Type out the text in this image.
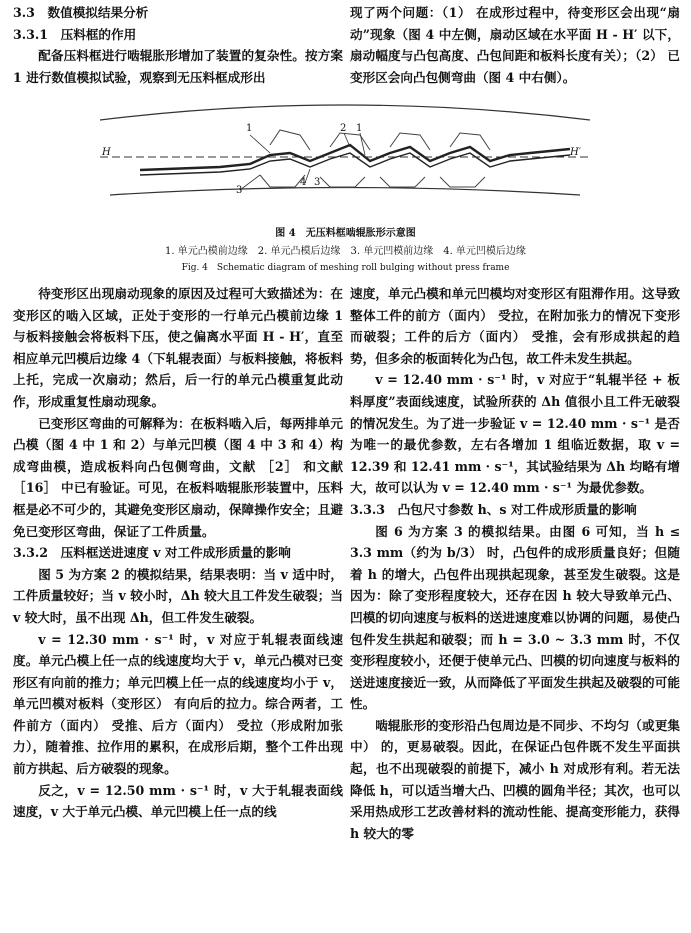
3.3　数值模拟结果分析
3.3.1　压料框的作用

配备压料框进行啮辊胀形增加了装置的复杂性。按方案 1 进行数值模拟试验，观察到无压料框成形出

现了两个问题：（1） 在成形过程中，待变形区会出现“扇动”现象（图 4 中左侧，扇动区域在水平面 H - H′ 以下，扇动幅度与凸包高度、凸包间距和板料长度有关）；（2） 已变形区会向凸包侧弯曲（图 4 中右侧）。

1	2 1
3
4 3
H	H′
图 4　无压料框啮辊胀形示意图
1. 单元凸模前边缘　2. 单元凸模后边缘　3. 单元凹模前边缘　4. 单元凹模后边缘
Fig. 4　Schematic diagram of meshing roll bulging without press frame

待变形区出现扇动现象的原因及过程可大致描述为：在变形区的啮入区域，正处于变形的一行单元凸模前边缘 1 与板料接触会将板料下压，使之偏离水平面 H - H′，直至相应单元凹模后边缘 4（下轧辊表面）与板料接触，将板料上托，完成一次扇动；然后，后一行的单元凸模重复此动作，形成重复性扇动现象。

已变形区弯曲的可解释为：在板料啮入后，每两排单元凸模（图 4 中 1 和 2）与单元凹模（图 4 中 3 和 4）构成弯曲模，造成板料向凸包侧弯曲，文献 ［2］ 和文献 ［16］ 中已有验证。可见，在板料啮辊胀形装置中，压料框是必不可少的，其避免变形区扇动，保障操作安全；且避免已变形区弯曲，保证了工件质量。

3.3.2　压料框送进速度 v 对工件成形质量的影响

图 5 为方案 2 的模拟结果，结果表明：当 v 适中时，工件质量较好；当 v 较小时，Δh 较大且工件发生破裂；当 v 较大时，虽不出现 Δh，但工件发生破裂。

v = 12.30 mm · s⁻¹ 时，v 对应于轧辊表面线速度。单元凸模上任一点的线速度均大于 v，单元凸模对已变形区有向前的推力；单元凹模上任一点的线速度均小于 v，单元凹模对板料（变形区） 有向后的拉力。综合两者，工件前方（面内） 受推、后方（面内） 受拉（形成附加张力），随着推、拉作用的累积，在成形后期，整个工件出现前方拱起、后方破裂的现象。

反之，v = 12.50 mm · s⁻¹ 时，v 大于轧辊表面线速度，v 大于单元凸模、单元凹模上任一点的线

速度，单元凸模和单元凹模均对变形区有阻滞作用。这导致整体工件的前方（面内） 受拉，在附加张力的情况下变形而破裂；工件的后方（面内） 受推，会有形成拱起的趋势，但多余的板面转化为凸包，故工件未发生拱起。

v = 12.40 mm · s⁻¹ 时，v 对应于“轧辊半径 + 板料厚度”表面线速度，试验所获的 Δh 值很小且工件无破裂的情况发生。为了进一步验证 v = 12.40 mm · s⁻¹ 是否为唯一的最优参数，左右各增加 1 组临近数据，取 v = 12.39 和 12.41 mm · s⁻¹，其试验结果为 Δh 均略有增大，故可以认为 v = 12.40 mm · s⁻¹ 为最优参数。

3.3.3　凸包尺寸参数 h、s 对工件成形质量的影响

图 6 为方案 3 的模拟结果。由图 6 可知，当 h ≤ 3.3 mm（约为 b/3） 时，凸包件的成形质量良好；但随着 h 的增大，凸包件出现拱起现象，甚至发生破裂。这是因为：除了变形程度较大，还存在因 h 较大导致单元凸、凹模的切向速度与板料的送进速度难以协调的问题，易使凸包件发生拱起和破裂；而 h = 3.0 ~ 3.3 mm 时，不仅变形程度较小，还便于使单元凸、凹模的切向速度与板料的送进速度接近一致，从而降低了平面发生拱起及破裂的可能性。

啮辊胀形的变形沿凸包周边是不同步、不均匀（或更集中） 的，更易破裂。因此，在保证凸包件既不发生平面拱起，也不出现破裂的前提下，减小 h 对成形有利。若无法降低 h，可以适当增大凸、凹模的圆角半径；其次，也可以采用热成形工艺改善材料的流动性能、提高变形能力，获得 h 较大的零
